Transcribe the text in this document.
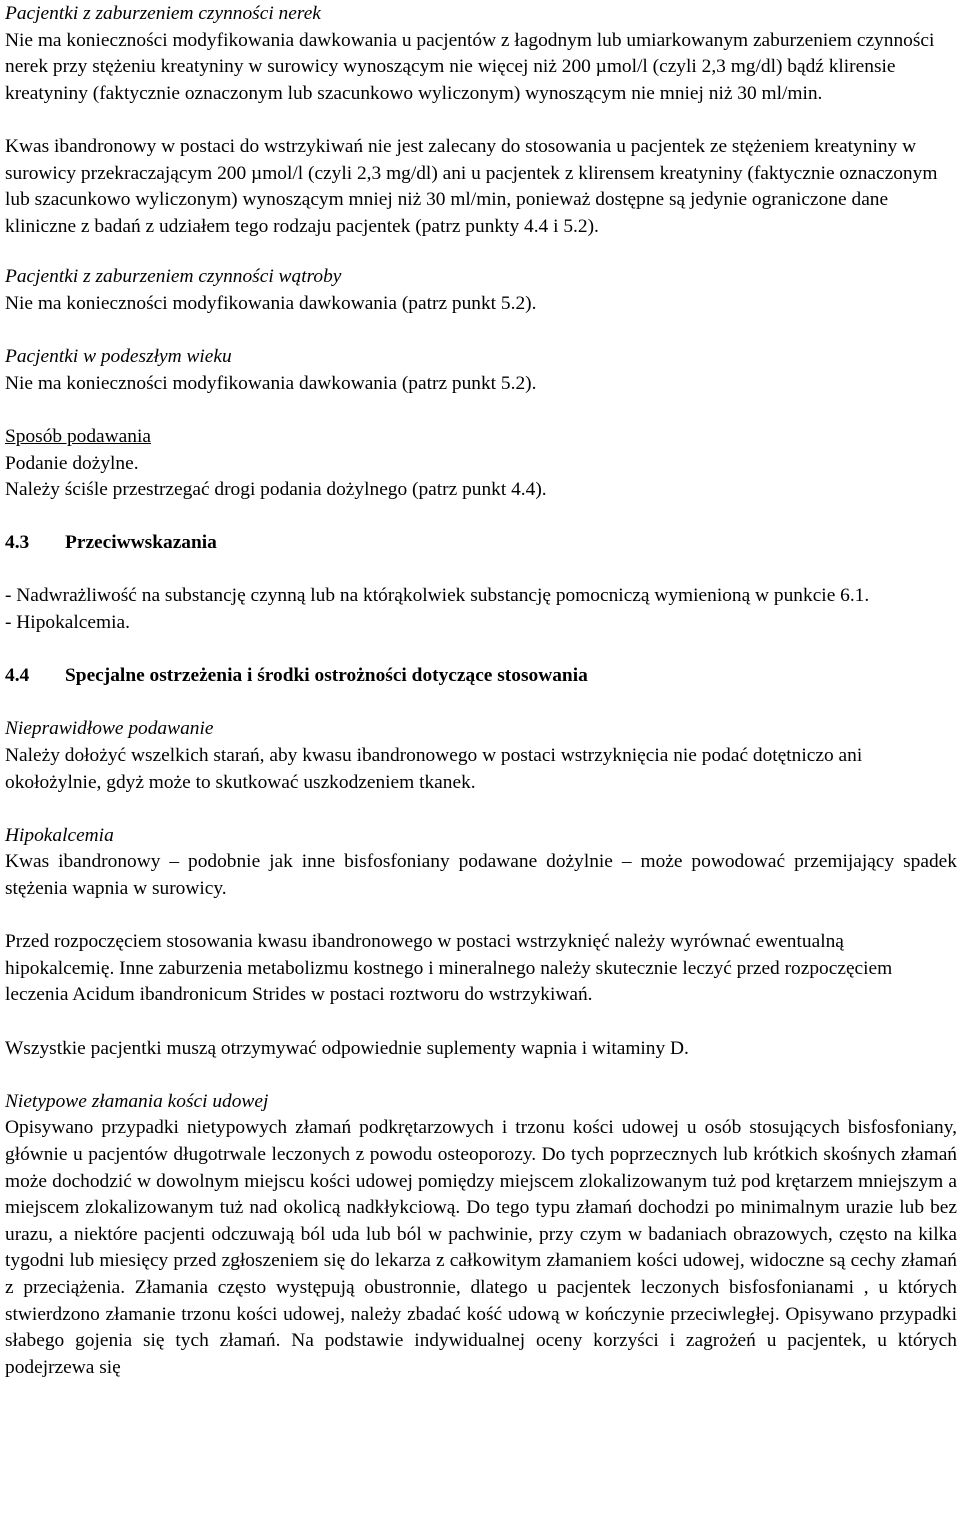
Pacjentki z zaburzeniem czynności nerek

Nie ma konieczności modyfikowania dawkowania u pacjentów z łagodnym lub umiarkowanym zaburzeniem czynności nerek przy stężeniu kreatyniny w surowicy wynoszącym nie więcej niż 200 µmol/l (czyli 2,3 mg/dl) bądź klirensie kreatyniny (faktycznie oznaczonym lub szacunkowo wyliczonym) wynoszącym nie mniej niż 30 ml/min.

Kwas ibandronowy w postaci do wstrzykiwań nie jest zalecany do stosowania u pacjentek ze stężeniem kreatyniny w surowicy przekraczającym 200 µmol/l (czyli 2,3 mg/dl) ani u pacjentek z klirensem kreatyniny (faktycznie oznaczonym lub szacunkowo wyliczonym) wynoszącym mniej niż 30 ml/min, ponieważ dostępne są jedynie ograniczone dane kliniczne z badań z udziałem tego rodzaju pacjentek (patrz punkty 4.4 i 5.2).

Pacjentki z zaburzeniem czynności wątroby

Nie ma konieczności modyfikowania dawkowania (patrz punkt 5.2).

Pacjentki w podeszłym wieku

Nie ma konieczności modyfikowania dawkowania (patrz punkt 5.2).

Sposób podawania

Podanie dożylne.

Należy ściśle przestrzegać drogi podania dożylnego (patrz punkt 4.4).

4.3	Przeciwwskazania

- Nadwrażliwość na substancję czynną lub na którąkolwiek substancję pomocniczą wymienioną w punkcie 6.1.

- Hipokalcemia.

4.4	Specjalne ostrzeżenia i środki ostrożności dotyczące stosowania

Nieprawidłowe podawanie

Należy dołożyć wszelkich starań, aby kwasu ibandronowego w postaci wstrzyknięcia nie podać dotętniczo ani okołożylnie, gdyż może to skutkować uszkodzeniem tkanek.

Hipokalcemia

Kwas ibandronowy – podobnie jak inne bisfosfoniany podawane dożylnie – może powodować przemijający spadek stężenia wapnia w surowicy.

Przed rozpoczęciem stosowania kwasu ibandronowego w postaci wstrzyknięć należy wyrównać ewentualną hipokalcemię. Inne zaburzenia metabolizmu kostnego i mineralnego należy skutecznie leczyć przed rozpoczęciem leczenia Acidum ibandronicum Strides w postaci roztworu do wstrzykiwań.

Wszystkie pacjentki muszą otrzymywać odpowiednie suplementy wapnia i witaminy D.

Nietypowe złamania kości udowej

Opisywano przypadki nietypowych złamań podkrętarzowych i trzonu kości udowej u osób stosujących bisfosfoniany, głównie u pacjentów długotrwale leczonych z powodu osteoporozy. Do tych poprzecznych lub krótkich skośnych złamań może dochodzić w dowolnym miejscu kości udowej pomiędzy miejscem zlokalizowanym tuż pod krętarzem mniejszym a miejscem zlokalizowanym tuż nad okolicą nadkłykciową. Do tego typu złamań dochodzi po minimalnym urazie lub bez urazu, a niektóre pacjenti odczuwają ból uda lub ból w pachwinie, przy czym w badaniach obrazowych, często na kilka tygodni lub miesięcy przed zgłoszeniem się do lekarza z całkowitym złamaniem kości udowej, widoczne są cechy złamań z przeciążenia. Złamania często występują obustronnie, dlatego u pacjentek leczonych bisfosfonianami , u których stwierdzono złamanie trzonu kości udowej, należy zbadać kość udową w kończynie przeciwległej. Opisywano przypadki słabego gojenia się tych złamań. Na podstawie indywidualnej oceny korzyści i zagrożeń u pacjentek, u których podejrzewa się
